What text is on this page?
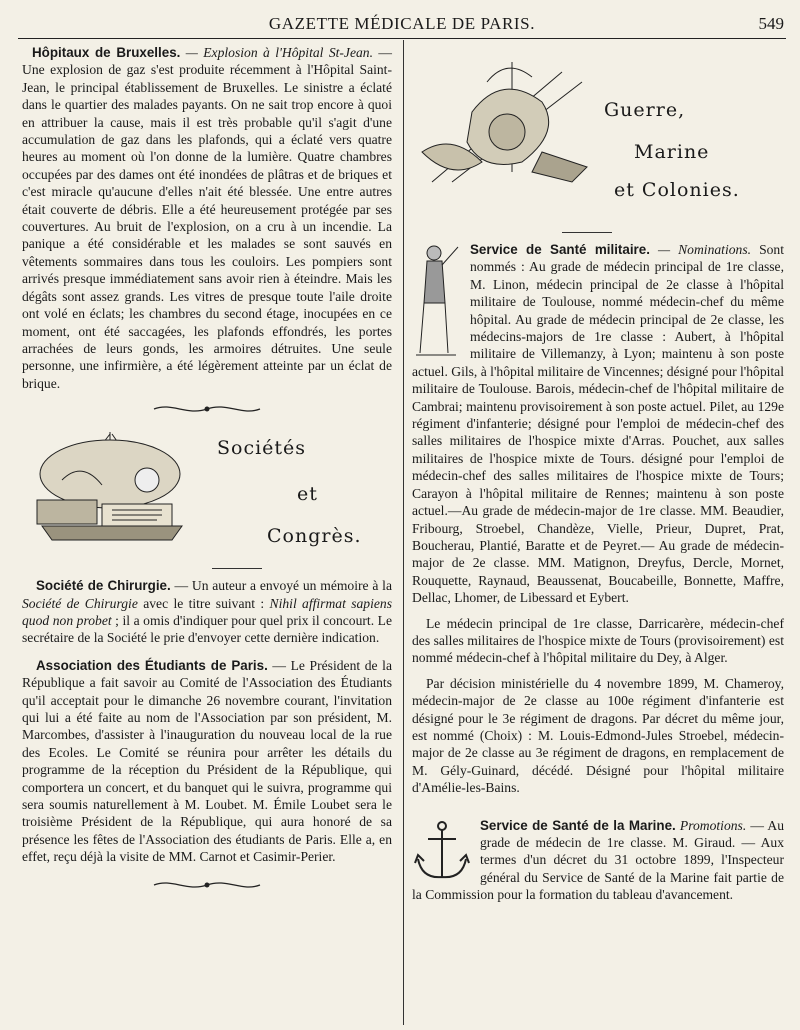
GAZETTE MÉDICALE DE PARIS.	549

Hôpitaux de Bruxelles. — Explosion à l'Hôpital St-Jean. — Une explosion de gaz s'est produite récemment à l'Hôpital Saint-Jean, le principal établissement de Bruxelles. Le sinistre a éclaté dans le quartier des malades payants. On ne sait trop encore à quoi en attribuer la cause, mais il est très probable qu'il s'agit d'une accumulation de gaz dans les plafonds, qui a éclaté vers quatre heures au moment où l'on donne de la lumière. Quatre chambres occupées par des dames ont été inondées de plâtras et de briques et c'est miracle qu'aucune d'elles n'ait été blessée. Une entre autres était couverte de débris. Elle a été heureusement protégée par ses couvertures. Au bruit de l'explosion, on a cru à un incendie. La panique a été considérable et les malades se sont sauvés en vêtements sommaires dans tous les couloirs. Les pompiers sont arrivés presque immédiatement sans avoir rien à éteindre. Mais les dégâts sont assez grands. Les vitres de presque toute l'aile droite ont volé en éclats; les chambres du second étage, inocupées en ce moment, ont été saccagées, les plafonds effondrés, les portes arrachées de leurs gonds, les armoires détruites. Une seule personne, une infirmière, a été légèrement atteinte par un éclat de brique.

Sociétés
et
Congrès.

Société de Chirurgie. — Un auteur a envoyé un mémoire à la Société de Chirurgie avec le titre suivant : Nihil affirmat sapiens quod non probet ; il a omis d'indiquer pour quel prix il concourt. Le secrétaire de la Société le prie d'envoyer cette dernière indication.

Association des Étudiants de Paris. — Le Président de la République a fait savoir au Comité de l'Association des Étudiants qu'il acceptait pour le dimanche 26 novembre courant, l'invitation qui lui a été faite au nom de l'Association par son président, M. Marcombes, d'assister à l'inauguration du nouveau local de la rue des Ecoles. Le Comité se réunira pour arrêter les détails du programme de la réception du Président de la République, qui comportera un concert, et du banquet qui le suivra, programme qui sera soumis naturellement à M. Loubet. M. Émile Loubet sera le troisième Président de la République, qui aura honoré de sa présence les fêtes de l'Association des étudiants de Paris. Elle a, en effet, reçu déjà la visite de MM. Carnot et Casimir-Perier.

Guerre,
Marine
et Colonies.

Service de Santé militaire. — Nominations. Sont nommés : Au grade de médecin principal de 1re classe, M. Linon, médecin principal de 2e classe à l'hôpital militaire de Toulouse, nommé médecin-chef du même hôpital. Au grade de médecin principal de 2e classe, les médecins-majors de 1re classe : Aubert, à l'hôpital militaire de Villemanzy, à Lyon; maintenu à son poste actuel. Gils, à l'hôpital militaire de Vincennes; désigné pour l'hôpital militaire de Toulouse. Barois, médecin-chef de l'hôpital militaire de Cambrai; maintenu provisoirement à son poste actuel. Pilet, au 129e régiment d'infanterie; désigné pour l'emploi de médecin-chef des salles militaires de l'hospice mixte d'Arras. Pouchet, aux salles militaires de l'hospice mixte de Tours. désigné pour l'emploi de médecin-chef des salles militaires de l'hospice mixte de Tours; Carayon à l'hôpital militaire de Rennes; maintenu à son poste actuel.—Au grade de médecin-major de 1re classe. MM. Beaudier, Fribourg, Stroebel, Chandèze, Vielle, Prieur, Dupret, Prat, Boucherau, Plantié, Baratte et de Peyret.— Au grade de médecin-major de 2e classe. MM. Matignon, Dreyfus, Dercle, Mornet, Rouquette, Raynaud, Beaussenat, Boucabeille, Bonnette, Maffre, Dellac, Lhomer, de Libessard et Eybert.

Le médecin principal de 1re classe, Darricarère, médecin-chef des salles militaires de l'hospice mixte de Tours (provisoirement) est nommé médecin-chef à l'hôpital militaire du Dey, à Alger.

Par décision ministérielle du 4 novembre 1899, M. Chameroy, médecin-major de 2e classe au 100e régiment d'infanterie est désigné pour le 3e régiment de dragons. Par décret du même jour, est nommé (Choix) : M. Louis-Edmond-Jules Stroebel, médecin-major de 2e classe au 3e régiment de dragons, en remplacement de M. Gély-Guinard, décédé. Désigné pour l'hôpital militaire d'Amélie-les-Bains.

Service de Santé de la Marine. Promotions. — Au grade de médecin de 1re classe. M. Giraud. — Aux termes d'un décret du 31 octobre 1899, l'Inspecteur général du Service de Santé de la Marine fait partie de la Commission pour la formation du tableau d'avancement.
